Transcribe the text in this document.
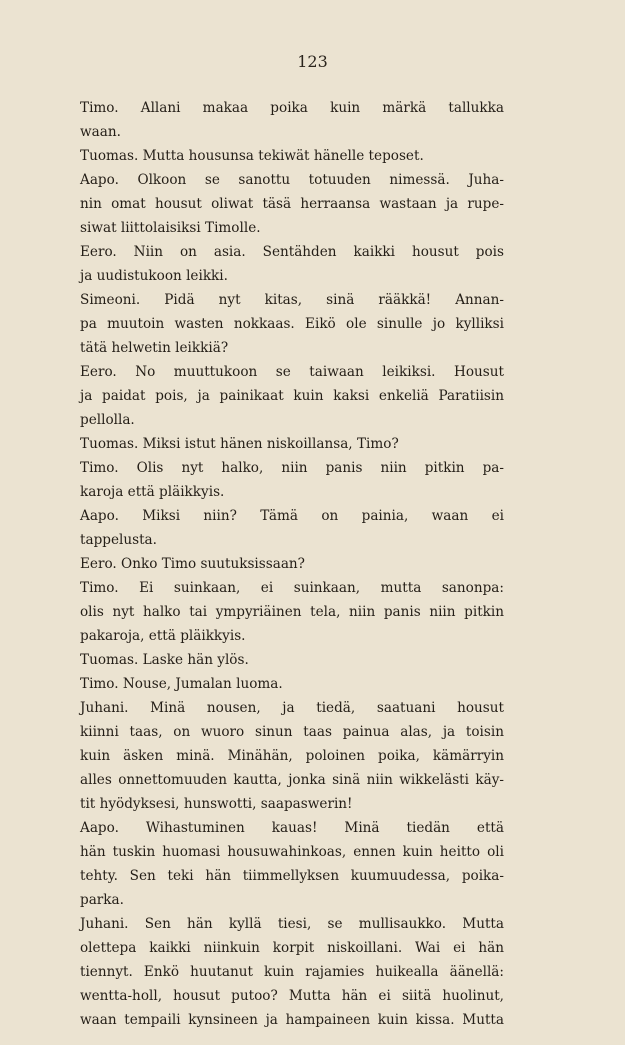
123
Timo. Allani makaa poika kuin märkä tallukka
waan.
Tuomas. Mutta housunsa tekiwät hänelle teposet.
Aapo. Olkoon se sanottu totuuden nimessä. Juha-
nin omat housut oliwat täsä herraansa wastaan ja rupe-
siwat liittolaisiksi Timolle.
Eero. Niin on asia. Sentähden kaikki housut pois
ja uudistukoon leikki.
Simeoni. Pidä nyt kitas, sinä rääkkä! Annan-
pa muutoin wasten nokkaas. Eikö ole sinulle jo kylliksi
tätä helwetin leikkiä?
Eero. No muuttukoon se taiwaan leikiksi. Housut
ja paidat pois, ja painikaat kuin kaksi enkeliä Paratiisin
pellolla.
Tuomas. Miksi istut hänen niskoillansa, Timo?
Timo. Olis nyt halko, niin panis niin pitkin pa-
karoja että pläikkyis.
Aapo. Miksi niin? Tämä on painia, waan ei
tappelusta.
Eero. Onko Timo suutuksissaan?
Timo. Ei suinkaan, ei suinkaan, mutta sanonpa:
olis nyt halko tai ympyriäinen tela, niin panis niin pitkin
pakaroja, että pläikkyis.
Tuomas. Laske hän ylös.
Timo. Nouse, Jumalan luoma.
Juhani. Minä nousen, ja tiedä, saatuani housut
kiinni taas, on wuoro sinun taas painua alas, ja toisin
kuin äsken minä. Minähän, poloinen poika, kämärryin
alles onnettomuuden kautta, jonka sinä niin wikkelästi käy-
tit hyödyksesi, hunswotti, saapaswerin!
Aapo. Wihastuminen kauas! Minä tiedän että
hän tuskin huomasi housuwahinkoas, ennen kuin heitto oli
tehty. Sen teki hän tiimmellyksen kuumuudessa, poika-
parka.
Juhani. Sen hän kyllä tiesi, se mullisaukko. Mutta
olettepa kaikki niinkuin korpit niskoillani. Wai ei hän
tiennyt. Enkö huutanut kuin rajamies huikealla äänellä:
wentta-holl, housut putoo? Mutta hän ei siitä huolinut,
waan tempaili kynsineen ja hampaineen kuin kissa. Mutta
